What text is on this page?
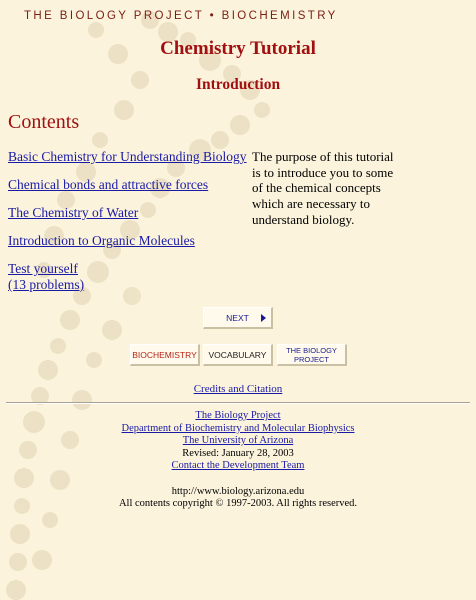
THE BIOLOGY PROJECT • BIOCHEMISTRY
Chemistry Tutorial
Introduction
Contents
Basic Chemistry for Understanding Biology
Chemical bonds and attractive forces
The Chemistry of Water
Introduction to Organic Molecules
Test yourself
(13 problems)
The purpose of this tutorial is to introduce you to some of the chemical concepts which are necessary to understand biology.
NEXT
BIOCHEMISTRY	VOCABULARY	THE BIOLOGY
PROJECT
Credits and Citation
The Biology Project
Department of Biochemistry and Molecular Biophysics
The University of Arizona
Revised: January 28, 2003
Contact the Development Team

http://www.biology.arizona.edu
All contents copyright © 1997-2003. All rights reserved.
